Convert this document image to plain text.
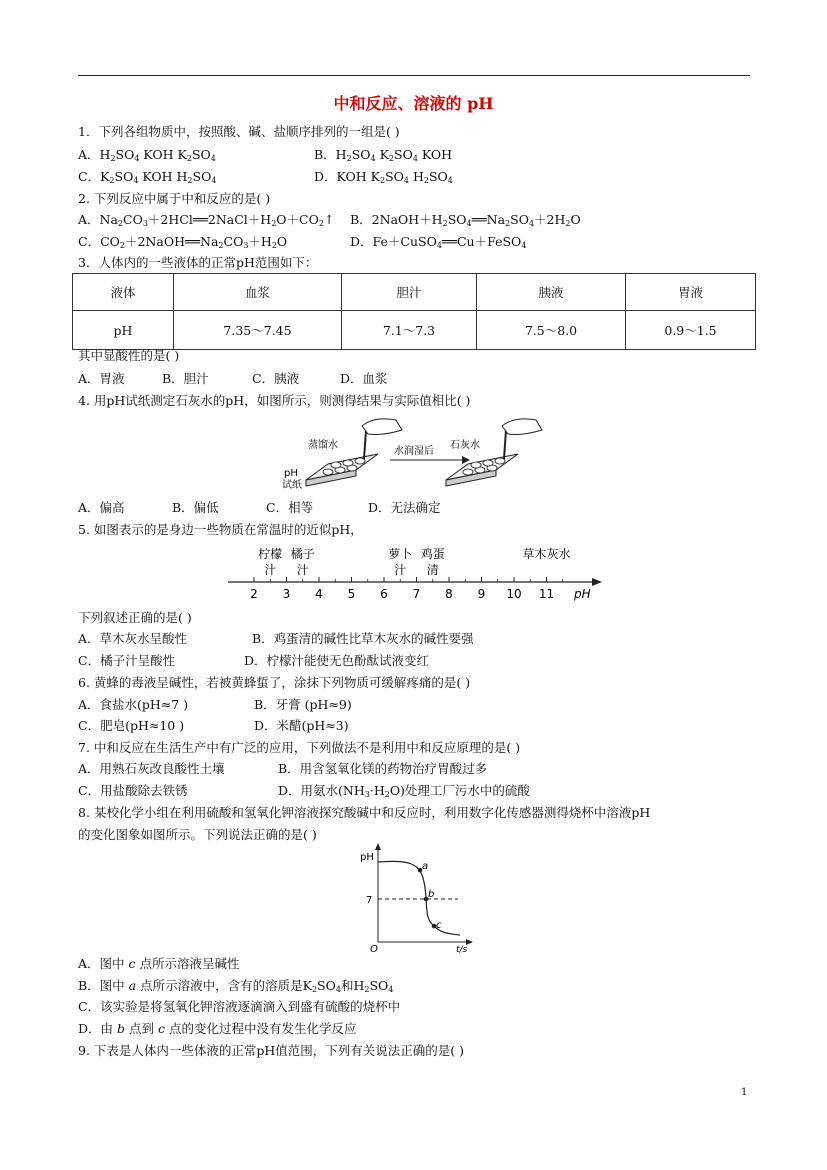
中和反应、溶液的 pH
1．下列各组物质中，按照酸、碱、盐顺序排列的一组是( )
A．$H_2SO_4$ KOH $K_2SO_4$	B．$H_2SO_4$ $K_2SO_4$ KOH
C．$K_2SO_4$ KOH $H_2SO_4$	D．KOH $K_2SO_4$ $H_2SO_4$
2. 下列反应中属于中和反应的是( )
A．$Na_2CO_3+2HCl══2NaCl+H_2O+CO_2↑$ B．$2NaOH+H_2SO_4══Na_2SO_4+2H_2O$
C．$CO_2+2NaOH══Na_2CO_3+H_2O$	D．Fe＋CuSO$_4$══Cu＋FeSO$_4$
3．人体内的一些液体的正常pH范围如下：
液体	血浆	胆汁	胰液	胃液
pH	7.35～7.45	7.1～7.3	7.5～8.0	0.9～1.5
其中显酸性的是( )
A．胃液	B．胆汁	C．胰液	D．血浆
4. 用pH试纸测定石灰水的pH，如图所示，则测得结果与实际值相比( )
蒸馏水
pH
试纸
水润湿后
石灰水
A．偏高	B．偏低	C．相等	D．无法确定
5. 如图表示的是身边一些物质在常温时的近似pH，
2 3 4 5 6 7 8 9 10 11
柠檬
汁
橘子
汁
萝卜
汁
鸡蛋
清
草木灰水
pH
下列叙述正确的是( )
A．草木灰水呈酸性	B．鸡蛋清的碱性比草木灰水的碱性要强
C．橘子汁呈酸性	D．柠檬汁能使无色酚酞试液变红
6. 黄蜂的毒液呈碱性，若被黄蜂蜇了，涂抹下列物质可缓解疼痛的是( )
A．食盐水(pH≈7 )	B．牙膏 (pH≈9)
C．肥皂(pH≈10 )	D．米醋(pH≈3)
7. 中和反应在生活生产中有广泛的应用，下列做法不是利用中和反应原理的是( )
A．用熟石灰改良酸性土壤	B．用含氢氧化镁的药物治疗胃酸过多
C．用盐酸除去铁锈	D．用氨水$(NH_3\cdot H_2O)$处理工厂污水中的硫酸
8. 某校化学小组在利用硫酸和氢氧化钾溶液探究酸碱中和反应时，利用数字化传感器测得烧杯中溶液pH
的变化图象如图所示。下列说法正确的是( )
pH
7
O	t/s
a
b
c
A．图中 c 点所示溶液呈碱性
B．图中 a 点所示溶液中，含有的溶质是$K_2SO_4$和$H_2SO_4$
C．该实验是将氢氧化钾溶液逐滴滴入到盛有硫酸的烧杯中
D．由 b 点到 c 点的变化过程中没有发生化学反应
9. 下表是人体内一些体液的正常pH值范围，下列有关说法正确的是( )
1
